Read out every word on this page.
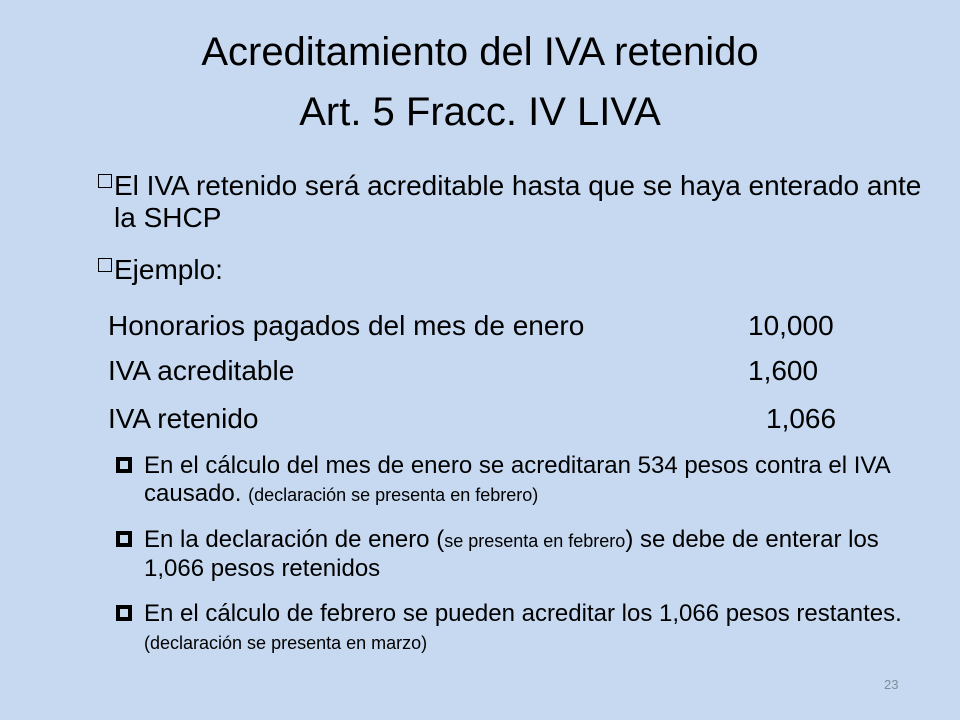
Acreditamiento del IVA retenido
Art. 5 Fracc. IV LIVA
El IVA retenido será acreditable hasta que se haya enterado ante la SHCP
Ejemplo:
Honorarios pagados del mes de enero	10,000
IVA acreditable	1,600
IVA retenido	1,066
En el cálculo del mes de enero se acreditaran 534 pesos contra el IVA causado. (declaración se presenta en febrero)
En la declaración de enero (se presenta en febrero) se debe de enterar los 1,066 pesos retenidos
En el cálculo de febrero se pueden acreditar los 1,066 pesos restantes. (declaración se presenta en marzo)
23
